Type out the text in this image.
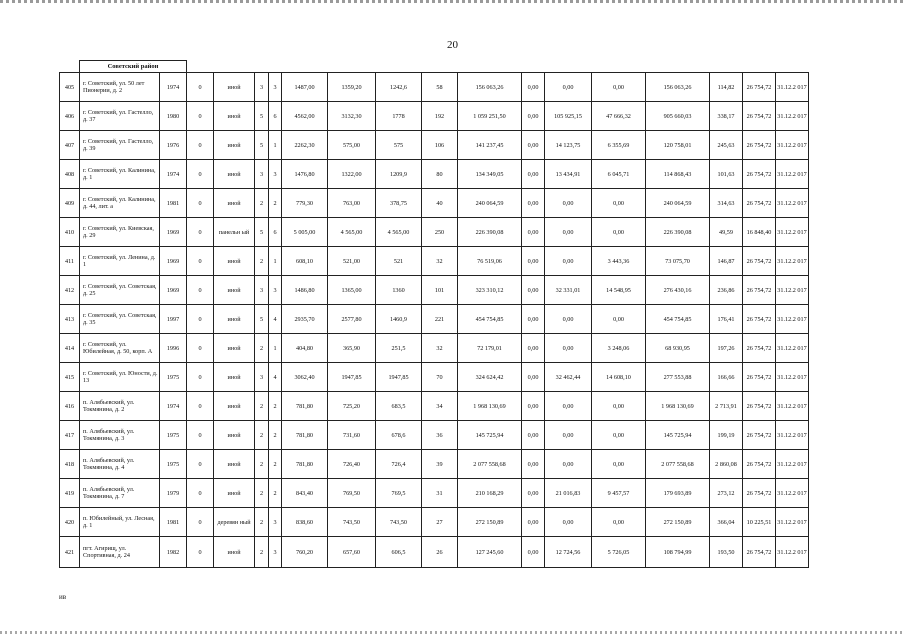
20
	Советский район																	
405	г. Советский, ул. 50 лет Пионерии, д. 2	1974	0	иной	3	3	1487,00	1359,20	1242,6	58	156 063,26	0,00	0,00	0,00	156 063,26	114,82	26 754,72	31.12.2 017
406	г. Советский, ул. Гастелло, д. 37	1980	0	иной	5	6	4562,00	3132,30	1778	192	1 059 251,50	0,00	105 925,15	47 666,32	905 660,03	338,17	26 754,72	31.12.2 017
407	г. Советский, ул. Гастелло, д. 39	1976	0	иной	5	1	2262,30	575,00	575	106	141 237,45	0,00	14 123,75	6 355,69	120 758,01	245,63	26 754,72	31.12.2 017
408	г. Советский, ул. Калинина, д. 1	1974	0	иной	3	3	1476,80	1322,00	1209,9	80	134 349,05	0,00	13 434,91	6 045,71	114 868,43	101,63	26 754,72	31.12.2 017
409	г. Советский, ул. Калинина, д. 44, лит. а	1981	0	иной	2	2	779,30	763,00	378,75	40	240 064,59	0,00	0,00	0,00	240 064,59	314,63	26 754,72	31.12.2 017
410	г. Советский, ул. Киевская, д. 29	1969	0	панельн ый	5	6	5 005,00	4 565,00	4 565,00	250	226 390,08	0,00	0,00	0,00	226 390,08	49,59	16 848,40	31.12.2 017
411	г. Советский, ул. Ленина, д. 1	1969	0	иной	2	1	608,10	521,00	521	32	76 519,06	0,00	0,00	3 443,36	73 075,70	146,87	26 754,72	31.12.2 017
412	г. Советский, ул. Советская, д. 25	1969	0	иной	3	3	1486,80	1365,00	1360	101	323 310,12	0,00	32 331,01	14 548,95	276 430,16	236,86	26 754,72	31.12.2 017
413	г. Советский, ул. Советская, д. 35	1997	0	иной	5	4	2935,70	2577,80	1460,9	221	454 754,85	0,00	0,00	0,00	454 754,85	176,41	26 754,72	31.12.2 017
414	г. Советский, ул. Юбилейная, д. 50, корп. А	1996	0	иной	2	1	404,80	365,90	251,5	32	72 179,01	0,00	0,00	3 248,06	68 930,95	197,26	26 754,72	31.12.2 017
415	г. Советский, ул. Юности, д. 13	1975	0	иной	3	4	3062,40	1947,85	1947,85	70	324 624,42	0,00	32 462,44	14 608,10	277 553,88	166,66	26 754,72	31.12.2 017
416	п. Алябьевский, ул. Токмянина, д. 2	1974	0	иной	2	2	781,80	725,20	683,5	34	1 968 130,69	0,00	0,00	0,00	1 968 130,69	2 713,91	26 754,72	31.12.2 017
417	п. Алябьевский, ул. Токмянина, д. 3	1975	0	иной	2	2	781,80	731,60	678,6	36	145 725,94	0,00	0,00	0,00	145 725,94	199,19	26 754,72	31.12.2 017
418	п. Алябьевский, ул. Токмянина, д. 4	1975	0	иной	2	2	781,80	726,40	726,4	39	2 077 558,68	0,00	0,00	0,00	2 077 558,68	2 860,08	26 754,72	31.12.2 017
419	п. Алябьевский, ул. Токмянина, д. 7	1979	0	иной	2	2	843,40	769,50	769,5	31	210 168,29	0,00	21 016,83	9 457,57	179 693,89	273,12	26 754,72	31.12.2 017
420	п. Юбилейный, ул. Лесная, д. 1	1981	0	деревян ный	2	3	838,60	743,50	743,50	27	272 150,89	0,00	0,00	0,00	272 150,89	366,04	10 225,51	31.12.2 017
421	пгт. Агирищ, ул. Спортивная, д. 24	1982	0	иной	2	3	760,20	657,60	606,5	26	127 245,60	0,00	12 724,56	5 726,05	108 794,99	193,50	26 754,72	31.12.2 017
ив
